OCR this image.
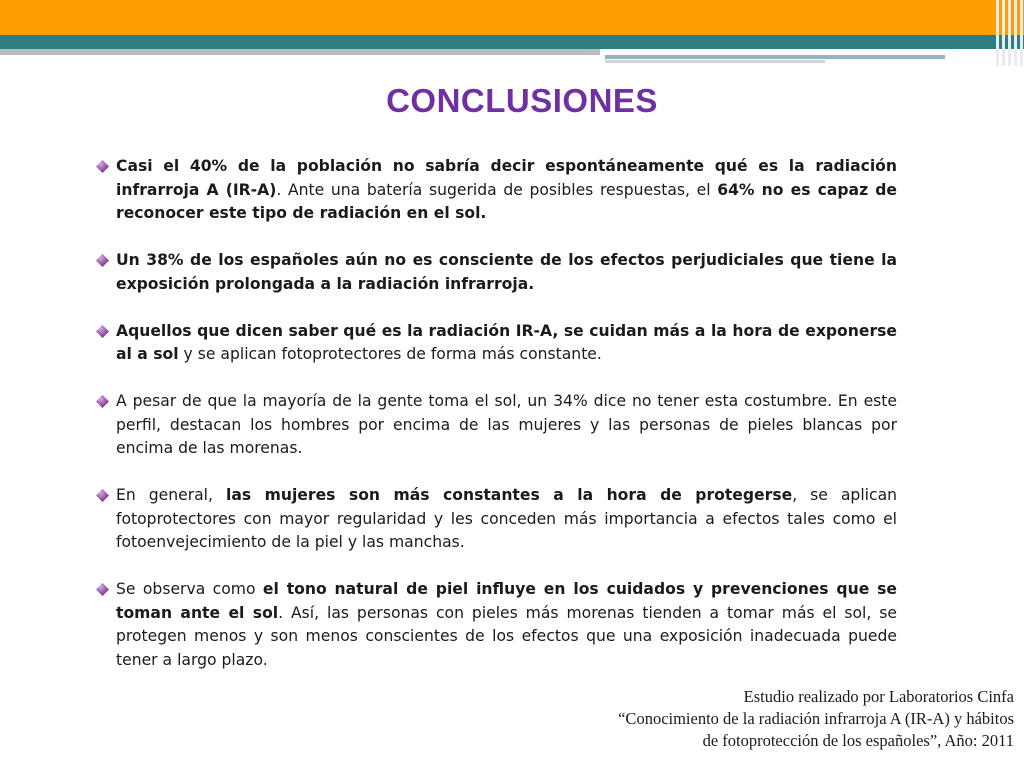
CONCLUSIONES
Casi el 40% de la población no sabría decir espontáneamente qué es la radiación infrarroja A (IR-A). Ante una batería sugerida de posibles respuestas, el 64% no es capaz de reconocer este tipo de radiación en el sol.
Un 38% de los españoles aún no es consciente de los efectos perjudiciales que tiene la exposición prolongada a la radiación infrarroja.
Aquellos que dicen saber qué es la radiación IR-A, se cuidan más a la hora de exponerse al a sol y se aplican fotoprotectores de forma más constante.
A pesar de que la mayoría de la gente toma el sol, un 34% dice no tener esta costumbre. En este perfil, destacan los hombres por encima de las mujeres y las personas de pieles blancas por encima de las morenas.
En general, las mujeres son más constantes a la hora de protegerse, se aplican fotoprotectores con mayor regularidad y les conceden más importancia a efectos tales como el fotoenvejecimiento de la piel y las manchas.
Se observa como el tono natural de piel influye en los cuidados y prevenciones que se toman ante el sol. Así, las personas con pieles más morenas tienden a tomar más el sol, se protegen menos y son menos conscientes de los efectos que una exposición inadecuada puede tener a largo plazo.
Estudio realizado por Laboratorios Cinfa
“Conocimiento de la radiación infrarroja A (IR-A) y hábitos
de fotoprotección de los españoles”, Año: 2011
